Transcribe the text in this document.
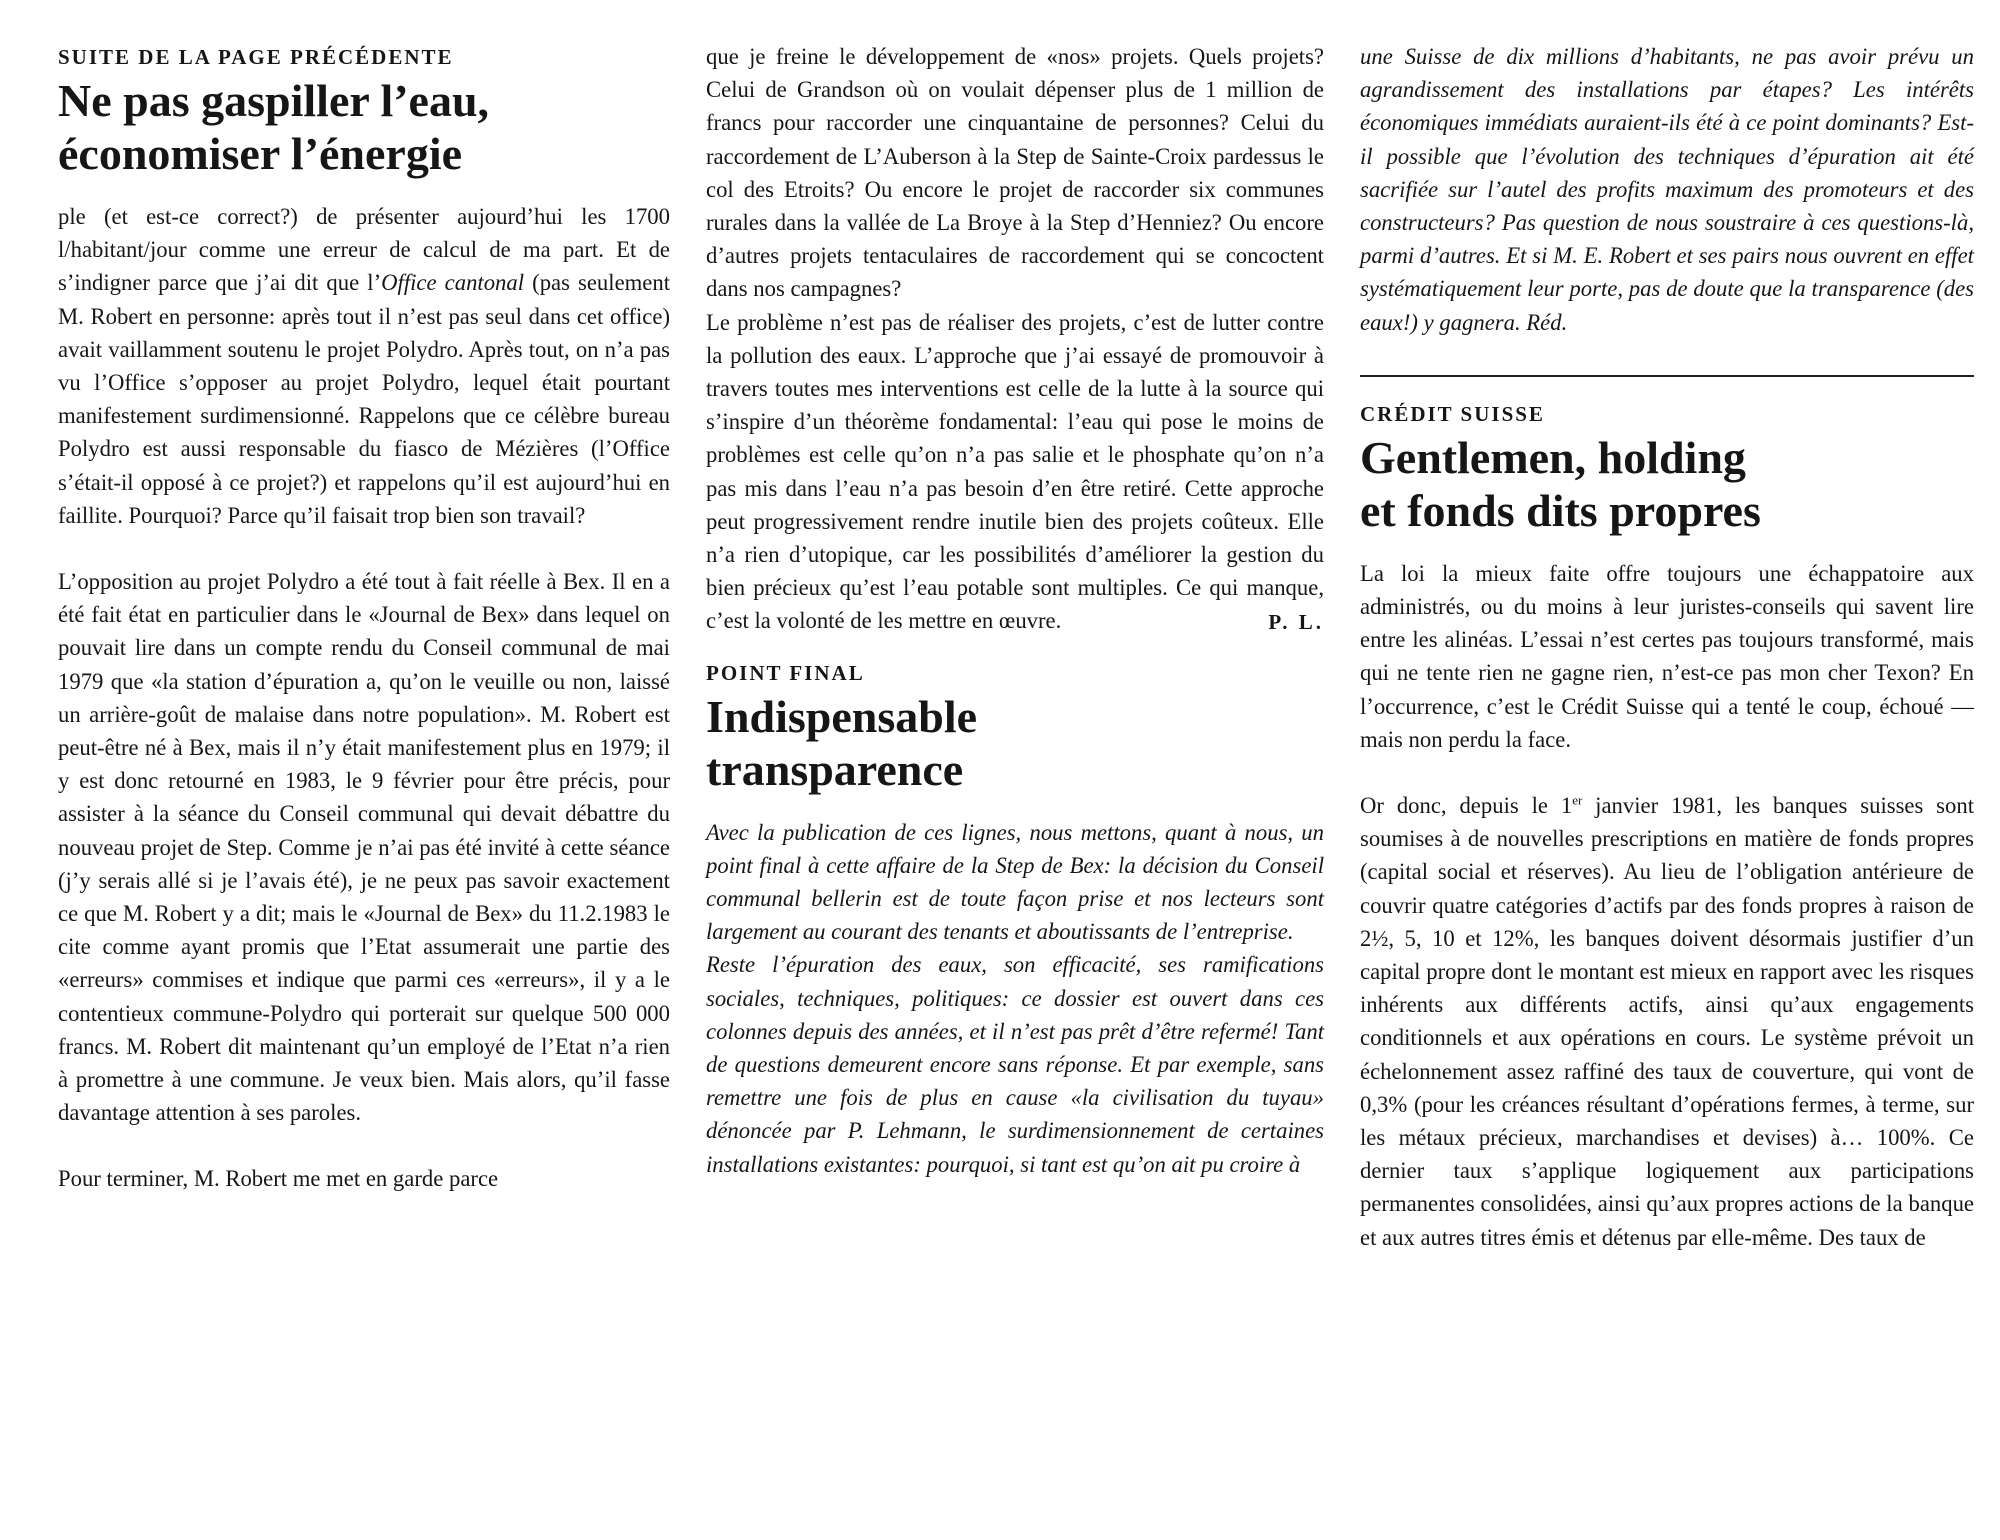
SUITE DE LA PAGE PRÉCÉDENTE

Ne pas gaspiller l’eau,
économiser l’énergie

ple (et est-ce correct?) de présenter aujourd’hui les 1700 l/habitant/jour comme une erreur de calcul de ma part. Et de s’indigner parce que j’ai dit que l’Office cantonal (pas seulement M. Robert en personne: après tout il n’est pas seul dans cet office) avait vaillamment soutenu le projet Polydro. Après tout, on n’a pas vu l’Office s’opposer au projet Polydro, lequel était pourtant manifestement surdimensionné. Rappelons que ce célèbre bureau Polydro est aussi responsable du fiasco de Mézières (l’Office s’était-il opposé à ce projet?) et rappelons qu’il est aujourd’hui en faillite. Pourquoi? Parce qu’il faisait trop bien son travail?

L’opposition au projet Polydro a été tout à fait réelle à Bex. Il en a été fait état en particulier dans le «Journal de Bex» dans lequel on pouvait lire dans un compte rendu du Conseil communal de mai 1979 que «la station d’épuration a, qu’on le veuille ou non, laissé un arrière-goût de malaise dans notre population». M. Robert est peut-être né à Bex, mais il n’y était manifestement plus en 1979; il y est donc retourné en 1983, le 9 février pour être précis, pour assister à la séance du Conseil communal qui devait débattre du nouveau projet de Step. Comme je n’ai pas été invité à cette séance (j’y serais allé si je l’avais été), je ne peux pas savoir exactement ce que M. Robert y a dit; mais le «Journal de Bex» du 11.2.1983 le cite comme ayant promis que l’Etat assumerait une partie des «erreurs» commises et indique que parmi ces «erreurs», il y a le contentieux commune-Polydro qui porterait sur quelque 500 000 francs. M. Robert dit maintenant qu’un employé de l’Etat n’a rien à promettre à une commune. Je veux bien. Mais alors, qu’il fasse davantage attention à ses paroles.

Pour terminer, M. Robert me met en garde parce

que je freine le développement de «nos» projets. Quels projets? Celui de Grandson où on voulait dépenser plus de 1 million de francs pour raccorder une cinquantaine de personnes? Celui du raccordement de L’Auberson à la Step de Sainte-Croix pardessus le col des Etroits? Ou encore le projet de raccorder six communes rurales dans la vallée de La Broye à la Step d’Henniez? Ou encore d’autres projets tentaculaires de raccordement qui se concoctent dans nos campagnes?

Le problème n’est pas de réaliser des projets, c’est de lutter contre la pollution des eaux. L’approche que j’ai essayé de promouvoir à travers toutes mes interventions est celle de la lutte à la source qui s’inspire d’un théorème fondamental: l’eau qui pose le moins de problèmes est celle qu’on n’a pas salie et le phosphate qu’on n’a pas mis dans l’eau n’a pas besoin d’en être retiré. Cette approche peut progressivement rendre inutile bien des projets coûteux. Elle n’a rien d’utopique, car les possibilités d’améliorer la gestion du bien précieux qu’est l’eau potable sont multiples. Ce qui manque, c’est la volonté de les mettre en œuvre.	P. L.

POINT FINAL

Indispensable
transparence

Avec la publication de ces lignes, nous mettons, quant à nous, un point final à cette affaire de la Step de Bex: la décision du Conseil communal bellerin est de toute façon prise et nos lecteurs sont largement au courant des tenants et aboutissants de l’entreprise.

Reste l’épuration des eaux, son efficacité, ses ramifications sociales, techniques, politiques: ce dossier est ouvert dans ces colonnes depuis des années, et il n’est pas prêt d’être refermé! Tant de questions demeurent encore sans réponse. Et par exemple, sans remettre une fois de plus en cause «la civilisation du tuyau» dénoncée par P. Lehmann, le surdimensionnement de certaines installations existantes: pourquoi, si tant est qu’on ait pu croire à

une Suisse de dix millions d’habitants, ne pas avoir prévu un agrandissement des installations par étapes? Les intérêts économiques immédiats auraient-ils été à ce point dominants? Est-il possible que l’évolution des techniques d’épuration ait été sacrifiée sur l’autel des profits maximum des promoteurs et des constructeurs? Pas question de nous soustraire à ces questions-là, parmi d’autres. Et si M. E. Robert et ses pairs nous ouvrent en effet systématiquement leur porte, pas de doute que la transparence (des eaux!) y gagnera. Réd.

CRÉDIT SUISSE

Gentlemen, holding
et fonds dits propres

La loi la mieux faite offre toujours une échappatoire aux administrés, ou du moins à leur juristes-conseils qui savent lire entre les alinéas. L’essai n’est certes pas toujours transformé, mais qui ne tente rien ne gagne rien, n’est-ce pas mon cher Texon? En l’occurrence, c’est le Crédit Suisse qui a tenté le coup, échoué — mais non perdu la face.

Or donc, depuis le 1er janvier 1981, les banques suisses sont soumises à de nouvelles prescriptions en matière de fonds propres (capital social et réserves). Au lieu de l’obligation antérieure de couvrir quatre catégories d’actifs par des fonds propres à raison de 2½, 5, 10 et 12%, les banques doivent désormais justifier d’un capital propre dont le montant est mieux en rapport avec les risques inhérents aux différents actifs, ainsi qu’aux engagements conditionnels et aux opérations en cours. Le système prévoit un échelonnement assez raffiné des taux de couverture, qui vont de 0,3% (pour les créances résultant d’opérations fermes, à terme, sur les métaux précieux, marchandises et devises) à… 100%. Ce dernier taux s’applique logiquement aux participations permanentes consolidées, ainsi qu’aux propres actions de la banque et aux autres titres émis et détenus par elle-même. Des taux de
